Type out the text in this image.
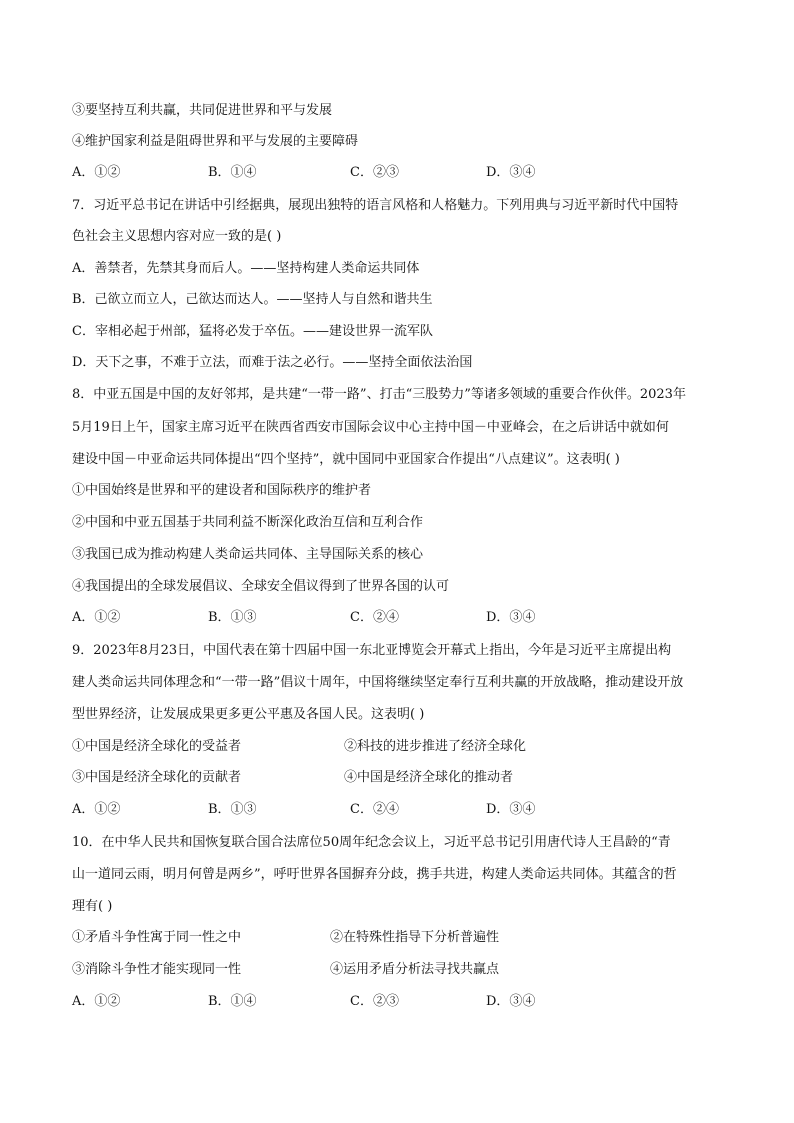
③要坚持互利共赢，共同促进世界和平与发展
④维护国家利益是阻碍世界和平与发展的主要障碍
A．①②	B．①④	C．②③	D．③④
7．习近平总书记在讲话中引经据典，展现出独特的语言风格和人格魅力。下列用典与习近平新时代中国特
色社会主义思想内容对应一致的是( )
A．善禁者，先禁其身而后人。——坚持构建人类命运共同体
B．己欲立而立人，己欲达而达人。——坚持人与自然和谐共生
C．宰相必起于州部，猛将必发于卒伍。——建设世界一流军队
D．天下之事，不难于立法，而难于法之必行。——坚持全面依法治国
8．中亚五国是中国的友好邻邦，是共建“一带一路”、打击“三股势力”等诸多领域的重要合作伙伴。2023年
5月19日上午，国家主席习近平在陕西省西安市国际会议中心主持中国－中亚峰会，在之后讲话中就如何
建设中国－中亚命运共同体提出“四个坚持”，就中国同中亚国家合作提出“八点建议”。这表明( )
①中国始终是世界和平的建设者和国际秩序的维护者
②中国和中亚五国基于共同利益不断深化政治互信和互利合作
③我国已成为推动构建人类命运共同体、主导国际关系的核心
④我国提出的全球发展倡议、全球安全倡议得到了世界各国的认可
A．①②	B．①③	C．②④	D．③④
9．2023年8月23日，中国代表在第十四届中国一东北亚博览会开幕式上指出，今年是习近平主席提出构
建人类命运共同体理念和“一带一路”倡议十周年，中国将继续坚定奉行互利共赢的开放战略，推动建设开放
型世界经济，让发展成果更多更公平惠及各国人民。这表明( )
①中国是经济全球化的受益者	②科技的进步推进了经济全球化
③中国是经济全球化的贡献者	④中国是经济全球化的推动者
A．①②	B．①③	C．②④	D．③④
10．在中华人民共和国恢复联合国合法席位50周年纪念会议上，习近平总书记引用唐代诗人王昌龄的“青
山一道同云雨，明月何曾是两乡”，呼吁世界各国摒弃分歧，携手共进，构建人类命运共同体。其蕴含的哲
理有( )
①矛盾斗争性寓于同一性之中	②在特殊性指导下分析普遍性
③消除斗争性才能实现同一性	④运用矛盾分析法寻找共赢点
A．①②	B．①④	C．②③	D．③④
